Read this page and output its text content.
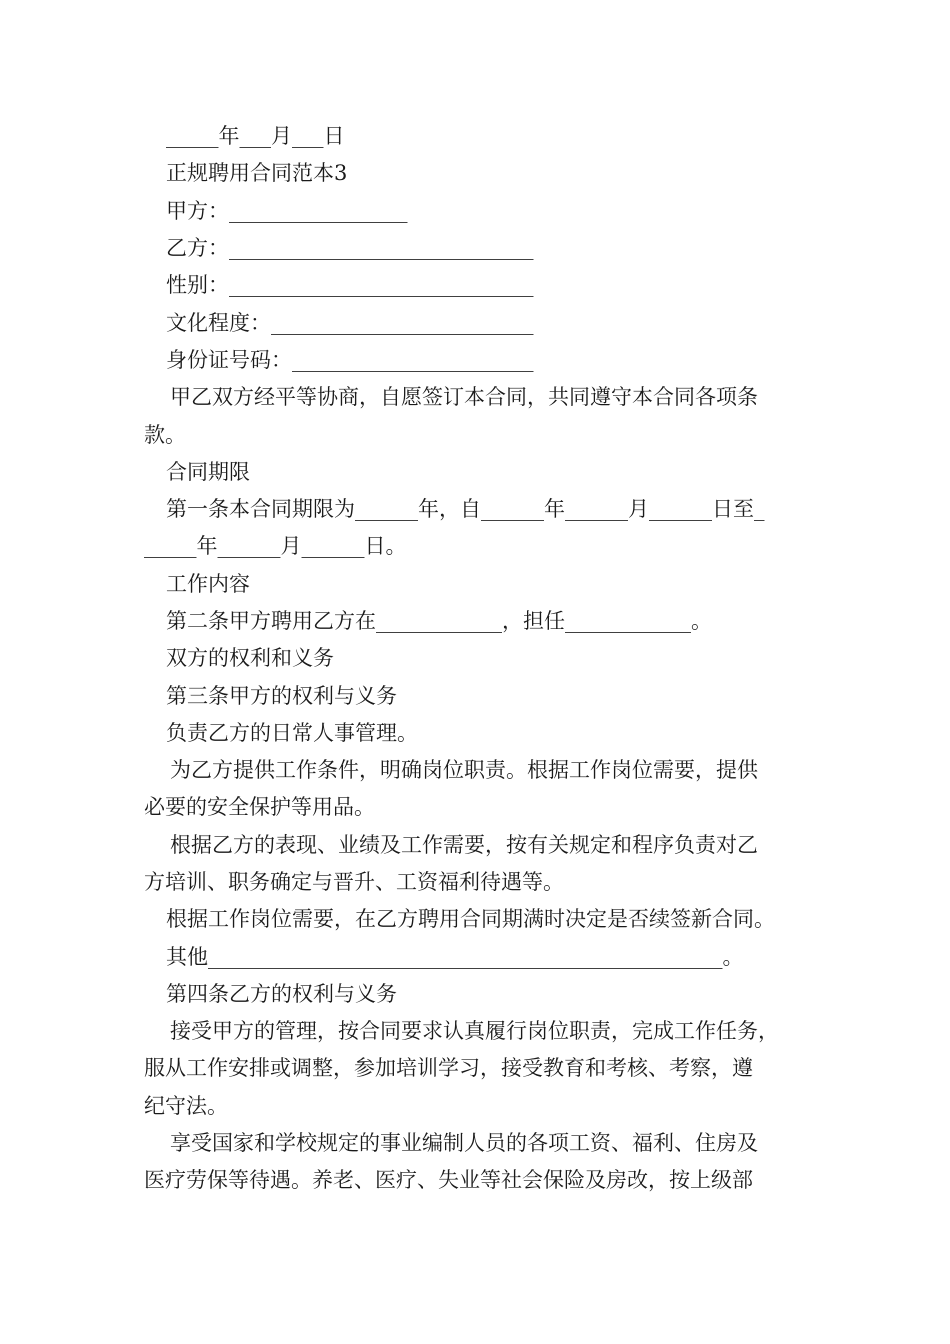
_____年___月___日
正规聘用合同范本3
甲方：_________________
乙方：_____________________________
性别：_____________________________
文化程度：_________________________
身份证号码：_______________________
甲乙双方经平等协商，自愿签订本合同，共同遵守本合同各项条
款。
合同期限
第一条本合同期限为______年，自______年______月______日至_
_____年______月______日。
工作内容
第二条甲方聘用乙方在____________，担任____________。
双方的权利和义务
第三条甲方的权利与义务
负责乙方的日常人事管理。
为乙方提供工作条件，明确岗位职责。根据工作岗位需要，提供
必要的安全保护等用品。
根据乙方的表现、业绩及工作需要，按有关规定和程序负责对乙
方培训、职务确定与晋升、工资福利待遇等。
根据工作岗位需要，在乙方聘用合同期满时决定是否续签新合同。
其他_________________________________________________。
第四条乙方的权利与义务
接受甲方的管理，按合同要求认真履行岗位职责，完成工作任务，
服从工作安排或调整，参加培训学习，接受教育和考核、考察，遵
纪守法。
享受国家和学校规定的事业编制人员的各项工资、福利、住房及
医疗劳保等待遇。养老、医疗、失业等社会保险及房改，按上级部
